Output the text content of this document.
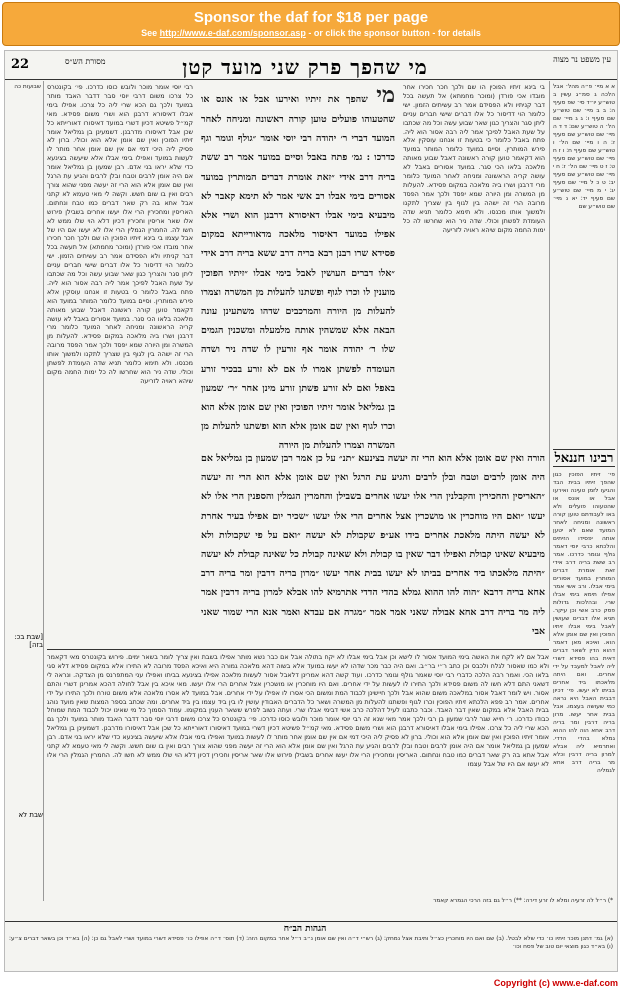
Sponsor the daf for $18 per page
See http://www.e-daf.com/sponsor.asp - or click the sponsor button - for details
22	מסורת הש״ס	מי שהפך פרק שני מועד קטן	עין משפט נר מצוה
שבועות כה רבי יוסי אומר מוכר ולובש כוסו כדרכו. פי׳ בקונטרס כל צרכו משום דרבי יוסי סבר דדבר האבד מותר במועד ולכך גם הכא שרי ליה כל צרכו. אפילו בימי אבלו דאיסורא דרבנן הוא ושרי משום פסידא. מאי קמ״ל פשיטא דכיון דשרי במועד דאיסורו דאורייתא כל שכן אבל דאיסורו מדרבנן. דשמעינן בן גמליאל אומר זיתיו הפוכין ואין שם אומן אלא הוא וכולי. ברון לא פסיק ליה היכי דמי אם אין שם אומן אחר מותר לו לעשות במועד ואפילו בימי אבלו אלא שיעשה בצינעא כדי שלא יראו בני אדם. רבן שמעון בן גמליאל אומר אם היה אומן לרבים וטבח ובלן לרבים והגיע עת הרגל ואין שם אומן אלא הוא הרי זה יעשה מפני שהוא צורך רבים ואין בו שום חשש. וקשה לי מאי טעמא לא קתני אבל אתא בה רק שאר דברים כמו טבח ונחתום. האריסין ומחכירין הרי אלו יעשו אחרים בשבילן פירוש אלו שאר אריסין וחכירין דכיון דלא הוי שלו ממש לא חשו לה. החמרין הגמלין הרי אלו לא יעשו אם היו של אבל עצמו בי בינא זיתיו הפוכין הו שם ולכך חכר חכירו אחר מובדו אכי פורדן (ומוכר מחמתא) אל תעשה בכל דבר קניתיו ולא הפסידם אמר רב עשיתים הזמון. ישי כלומר הוי דדיסור כל אלו דברים שישי חברים עניים ליתן סגר והצריך כגון שאר שבוע עשה וכל מה שכתבו על שעת האבל לפיכך אמר ליה רבה אסור הוא ליה. פתח באבל כלומר כי בטעות זו אנחנו עוסקין אלא פירש המותרין. וסיים במועד כלומר המותר במועד הוא דקאמר טוען קורה ראשונה דאבל שבוע מאותה מלאכה בלאו הכי סגר. במועד אסורים באבל לא עושה קריה הראשונה ומניחה לאחר המועד כלומר מרי דרבנן ושרו ביה מלאכה במקום פסידא. להעלות מן המשרה ומן היורה שמא יפסד ולכך אמר הפסד מרובה הרי זה ישהה בין לגוף בין שצריך לתקנו ולמשוך אותו מכנסו. ולא תימא כלומר תניא שדה העומדת לפשתן וכולי. שדה ניר הוא שחרשו לה כל ימות החמה מקום שיהא ראויה לזריעה
מי שהפך את זיתיו ואירעו אבל או אונס או שהטעוהו פועלים טוען קורה ראשונה ומניחה לאחר המועד דברי ר׳ יהודה רבי יוסי אומר ״גולף וגומר וגף כדרכו : גמ׳ פתח באבל וסיים במועד אמר רב ששת בריה דרב אידי ״זאת אומרת דברים המותרין במועד אסורים בימי אבלו רב אשי אמר לא תימא קאבר לא מיבעיא בימי אבלו דאיסורא דרבנן הוא ושרי אלא אפילו במועד דאיסור מלאכה מדאורייתא במקום פסידא שרו רבנן רבא בריה דרב ששא בריה דרב אידי ״אלו דברים העושין לאבל בימי אבלו ״זיתיו הפוכין מוענין לו וכרו לגוף ופשתנו להעלות מן המשרה וצמרו להעלות מן היורה והמרכבים שדהו משתעינן עונה הבאה אלא שמשהין אותה מלמעלה ומשכנין הגמים שלו ר׳ יהודה אומר אף זורעין לו שדה ניר ושדה העומדה לפשתן אמרו לו אם לא זורע בבכיר זורע באפל ואם לא זורע פשתן זורע מינן אחר ״ר׳ שמעון בן גמליאל אומר זיתיו הפוכין ואין שם אומן אלא הוא וכרו לגוף ואין שם אומן אלא הוא ופשתנו להעלות מן המשרה וצמרו להעלות מן היורה
בי בינא זיתיו הפוכין הו שם ולכך חכר חכירו אחר מובדו אכי פורדן (ומוכר מחמתא) אל תעשה בכל דבר קניתיו ולא הפסידם אמר רב עשיתים הזמון. ישי כלומר הוי דדיסור כל אלו דברים שישי חברים עניים ליתן סגר והצריך כגון שאר שבוע עשה וכל מה שכתבו על שעת האבל לפיכך אמר ליה רבה אסור הוא ליה. פתח באבל כלומר כי בטעות זו אנחנו עוסקין אלא פירש המותרין. וסיים במועד כלומר המותר במועד הוא דקאמר טוען קורה ראשונה דאבל שבוע מאותה מלאכה בלאו הכי סגר. במועד אסורים באבל לא עושה קריה הראשונה ומניחה לאחר המועד כלומר מרי דרבנן ושרו ביה מלאכה במקום פסידא. להעלות מן המשרה ומן היורה שמא יפסד ולכך אמר הפסד מרובה הרי זה ישהה בין לגוף בין שצריך לתקנו ולמשוך אותו מכנסו. ולא תימא כלומר תניא שדה העומדת לפשתן וכולי. שדה ניר הוא שחרשו לה כל ימות החמה מקום שיהא ראויה לזריעה
א א מיי׳ פ״ה מהל׳ אבל הלכה ג סמ״ג עשין ב טוש״ע יו״ד סי׳ שפ סעיף ה: ב ב מיי׳ שם טוש״ע שם סעיף ו: ג ג מיי׳ שם הל׳ ה טוש״ע שם: ד ד ה מיי׳ שם טוש״ע שם סעיף ז: ה ו מיי׳ שם הל׳ ו טוש״ע שם סעיף ח: ו ז ח מיי׳ שם טוש״ע שם סעיף ט: ז ט מיי׳ שם הל׳ ז: ח י מיי׳ שם טוש״ע שם סעיף יב: ט כ ל מיי׳ שם סעיף יג: י מ מיי׳ שם טוש״ע שם סעיף יד: יא נ מיי׳ שם טוש״ע שם
רבינו חננאל
פי׳ זיתיו הפוכין כגון שהפך זיתיו בבית הבד והגיעו לזמן טעינה ואירעו אבל או אונס או שהטעוהו פועלים ולא באו לעבודתם טוען קורה ראשונה ומניחה לאחר המועד שאם לא יטען אותה יפסידו הזיתים והלכתא כרבי יוסי דאמר גולף וגומר כדרכו. אמר רב ששת בריה דרב אידי זאת אומרת דברים המותרין במועד אסורים בימי אבלו. ורב אשי אמר אפילו תימא בימי אבלו שרי. ובהלכות גדולות פסק כרב אשי וכן עיקר. תניא אלו דברים שעושין לאבל בימי אבלו זיתיו הפוכין ואין שם אומן אלא הוא. ואיכא מאן דאמר דהוא הדין לשאר דברים דאית בהו פסידא דשרי ליה לאבל למעבד על ידי אחרים. ואם היתה מלאכתו ביד אחרים בביתו לא יעשו. פי׳ דכיון דבבית האבל היא נראה כמי שעושה בעצמו. אבל בבית אחר יעשו. מרון בריה דרבין ומר בריה דרב אחא הוה להו ההוא גמלא בהדי הדדי. ואתרמיא ליה אבלא למרון בריה דרבין וכלא מר בריה דרב אחא לגמליה
הורה ואין שם אומן אלא הוא הרי זה יעשה בצינעא ״תנ״ על כן אמר רבן שמעון בן גמליאל אם היה אומן לרבים וטבח ובלן לרבים והגיע עת הרגל ואין שם אומן אלא הוא הרי זה יעשה ״האריסין והחכירין והקבלנין הרי אלו יעשו אחרים בשבילן והחמרין הגמלין והספנין הרי אלו לא יעשו ״ואם היו מוחכרין או מושכרין אצל אחרים הרי אלו יעשו ״שכיר יום אפילו בעיר אחרת לא יעשה היתה מלאכת אחרים בידו אע״פ שקבולת לא יעשה ״ואם על פי שקבולות ולא מיבעיא שאינו קבולת ואפילו דבר שאין בו קבולת ולא שאינה קבולת כל שאינה קבולת לא יעשה ״היתה מלאכתו ביד אחרים בביתו לא יעשו בבית אחר יעשו ״מרון בריה דרבין ומר בריה דרב אחא בריה דרבא ״הוה להו ההוא גמלא בהדי הדדי אתרמיא להו אבלא למרון בריה דרבין אמר ליה מר בריה דרב אחא אבולה שאני אמר אמר ״מגרה אם עבדא ואמר אנא הרי שמור שאני אבי
[שבת בכ: בזה]
שבת לא
אבל אם לא לקח את האשה בימי המועד אסור לו לישא וכן אבל בימי אבלו לא יקח בתולה אבל אם כבר נשא מותר אפילו בשבת ואין צריך לומר בשאר ימים. פירוש בקונטרס מאי דקאמר ולא כמו שאסור לגלח ולכבס וכן כתב ר״י בר״ב. ואם היה כבר מכר שדהו לא יעשו במועד אלא בשוה דהא מלאכה גמורה היא ואיכא הפסד מרובה לא התירו אלא במקום פסידא דלא סגי בלאו הכי. ואמר רבה הלכה כדברי רבי יוסי שאמר גולף וגומר כדרכו. ועוד קשה דהא אמרינן דלאבל אסור לעשות מלאכה אפילו בצינעא בביתו ואפילו עני המתפרנס מן הצדקה. ונראה לי דשאני התם דלא חשו לה משום פסידא ולכך התירו לו לעשות על ידי אחרים. ואם היו מוחכרין או מושכרין אצל אחרים הרי אלו יעשו. מאי איכא בין אבל לחולה דהכא אמרינן דשרי והתם אסור. ויש לומר דאבל אסור במלאכה משום שהוא אבל ולכך חיישינן לכבוד המת ומשום הכי אסרו לו אפילו על ידי אחרים. אבל במועד לא אסרו מלאכה אלא משום טורח ולכך התירו על ידי אחרים. אמר רב פפא הלכתא זיתיו הפוכין וכרו לגוף ופשתנו להעלות מן המשרה ושאר כל הדברים האבודין עושין לו בין ביד עצמו בין ביד אחרים. ומה שכתב בספר המצות שאין מועד נוהג בבית האבל אלא במקום שאין דבר האבד. וכבר כתבנו לעיל דהלכה כרב אשי דבימי אבלו שרי. ועתה נשוב לפרש ששאר הענין במקומו. עמוד הסמוך כל מי שאינו יכול לכבוד המת שמוחל כבודו כדרכו. ר׳ חייא שגר לרבי שמעון בן רבי ולכך אמר מאי שנא זה רבי יוסי אומר מוכר ולובש כוסו כדרכו. פי׳ בקונטרס כל צרכו משום דרבי יוסי סבר דדבר האבד מותר במועד ולכך גם הכא שרי ליה כל צרכו. אפילו בימי אבלו דאיסורא דרבנן הוא ושרי משום פסידא. מאי קמ״ל פשיטא דכיון דשרי במועד דאיסורו דאורייתא כל שכן אבל דאיסורו מדרבנן. דשמעינן בן גמליאל אומר זיתיו הפוכין ואין שם אומן אלא הוא וכולי. ברון לא פסיק ליה היכי דמי אם אין שם אומן אחר מותר לו לעשות במועד ואפילו בימי אבלו אלא שיעשה בצינעא כדי שלא יראו בני אדם. רבן שמעון בן גמליאל אומר אם היה אומן לרבים וטבח ובלן לרבים והגיע עת הרגל ואין שם אומן אלא הוא הרי זה יעשה מפני שהוא צורך רבים ואין בו שום חשש. וקשה לי מאי טעמא לא קתני אבל אתא בה רק שאר דברים כמו טבח ונחתום. האריסין ומחכירין הרי אלו יעשו אחרים בשבילן פירוש אלו שאר אריסין וחכירין דכיון דלא הוי שלו ממש לא חשו לה. החמרין הגמלין הרי אלו לא יעשו אם היו של אבל עצמו
*) ר״ל לה זרעיה ומלא לו זרע דירה: **) ר״ל גם בזה הרכי הגמרא קאמר
הגהות הב״ח
(א) גמ׳ דתנן מוכר זיתיו כו׳ כדי שלא לבטל. (ב) שם ואם היו מוחכרין כצ״ל ותיבת אצל נמחק: (ג) רש״י ד״ה ואין שם אומן נ״ב ר״ל אחר במקום הזה: (ד) תוס׳ ד״ה אפילו כו׳ פסידא דשרי במועד ושרי לאבל גם כן: (ה) בא״ד וכן בשאר דברים צ״ע: (ו) בא״ד כגון מוצאי יום טוב של פסח וכו׳
Copyright (c) www.e-daf.com
